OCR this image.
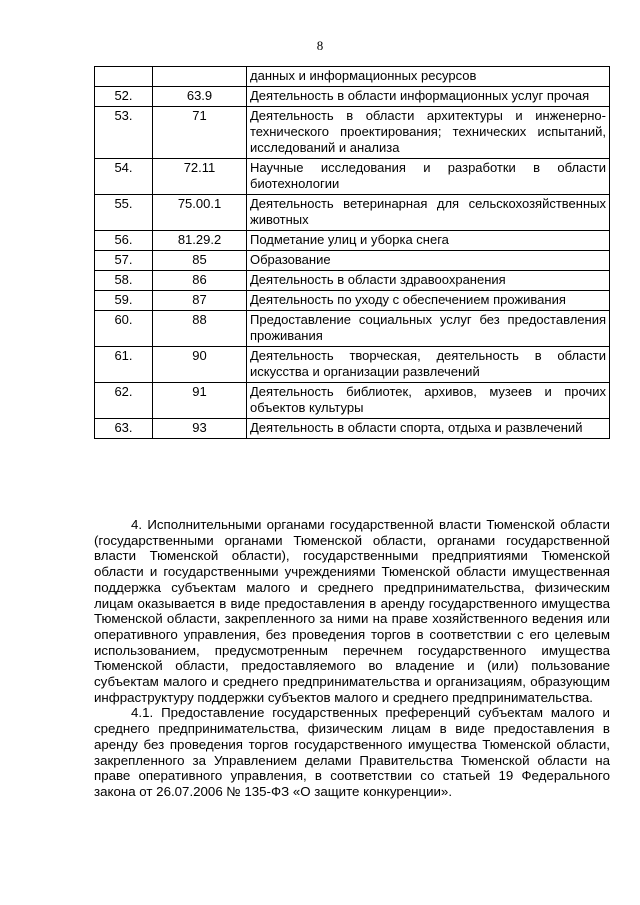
8
		данных и информационных ресурсов
52.	63.9	Деятельность в области информационных услуг прочая
53.	71	Деятельность в области архитектуры и инженерно-технического проектирования; технических испытаний, исследований и анализа
54.	72.11	Научные исследования и разработки в области биотехнологии
55.	75.00.1	Деятельность ветеринарная для сельскохозяйственных животных
56.	81.29.2	Подметание улиц и уборка снега
57.	85	Образование
58.	86	Деятельность в области здравоохранения
59.	87	Деятельность по уходу с обеспечением проживания
60.	88	Предоставление социальных услуг без предоставления проживания
61.	90	Деятельность творческая, деятельность в области искусства и организации развлечений
62.	91	Деятельность библиотек, архивов, музеев и прочих объектов культуры
63.	93	Деятельность в области спорта, отдыха и развлечений

4. Исполнительными органами государственной власти Тюменской области (государственными органами Тюменской области, органами государственной власти Тюменской области), государственными предприятиями Тюменской области и государственными учреждениями Тюменской области имущественная поддержка субъектам малого и среднего предпринимательства, физическим лицам оказывается в виде предоставления в аренду государственного имущества Тюменской области, закрепленного за ними на праве хозяйственного ведения или оперативного управления, без проведения торгов в соответствии с его целевым использованием, предусмотренным перечнем государственного имущества Тюменской области, предоставляемого во владение и (или) пользование субъектам малого и среднего предпринимательства и организациям, образующим инфраструктуру поддержки субъектов малого и среднего предпринимательства.

4.1. Предоставление государственных преференций субъектам малого и среднего предпринимательства, физическим лицам в виде предоставления в аренду без проведения торгов государственного имущества Тюменской области, закрепленного за Управлением делами Правительства Тюменской области на праве оперативного управления, в соответствии со статьей 19 Федерального закона от 26.07.2006 № 135-ФЗ «О защите конкуренции».
